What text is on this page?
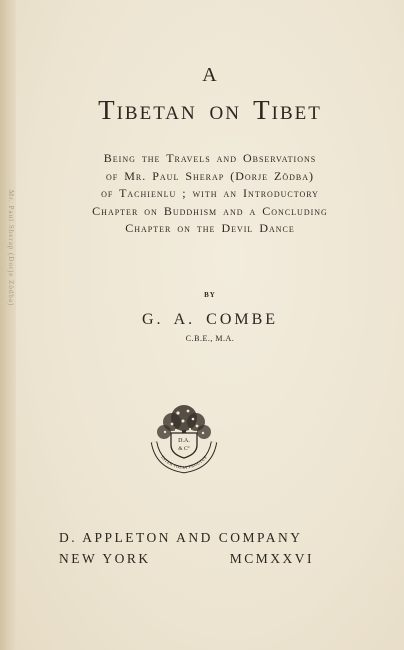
Mr. Paul Sherap (Dorje Zödba)
A
Tibetan on Tibet
Being the Travels and Observations
of Mr. Paul Sherap (Dorje Zödba)
of Tachienlu ; with an Introductory
Chapter on Buddhism and a Concluding
Chapter on the Devil Dance
BY
G. A. COMBE
C.B.E., M.A.
D.A.
& C°
INTER FOLIA FRUCTUS
D. APPLETON AND COMPANY
NEW YORK	MCMXXVI
